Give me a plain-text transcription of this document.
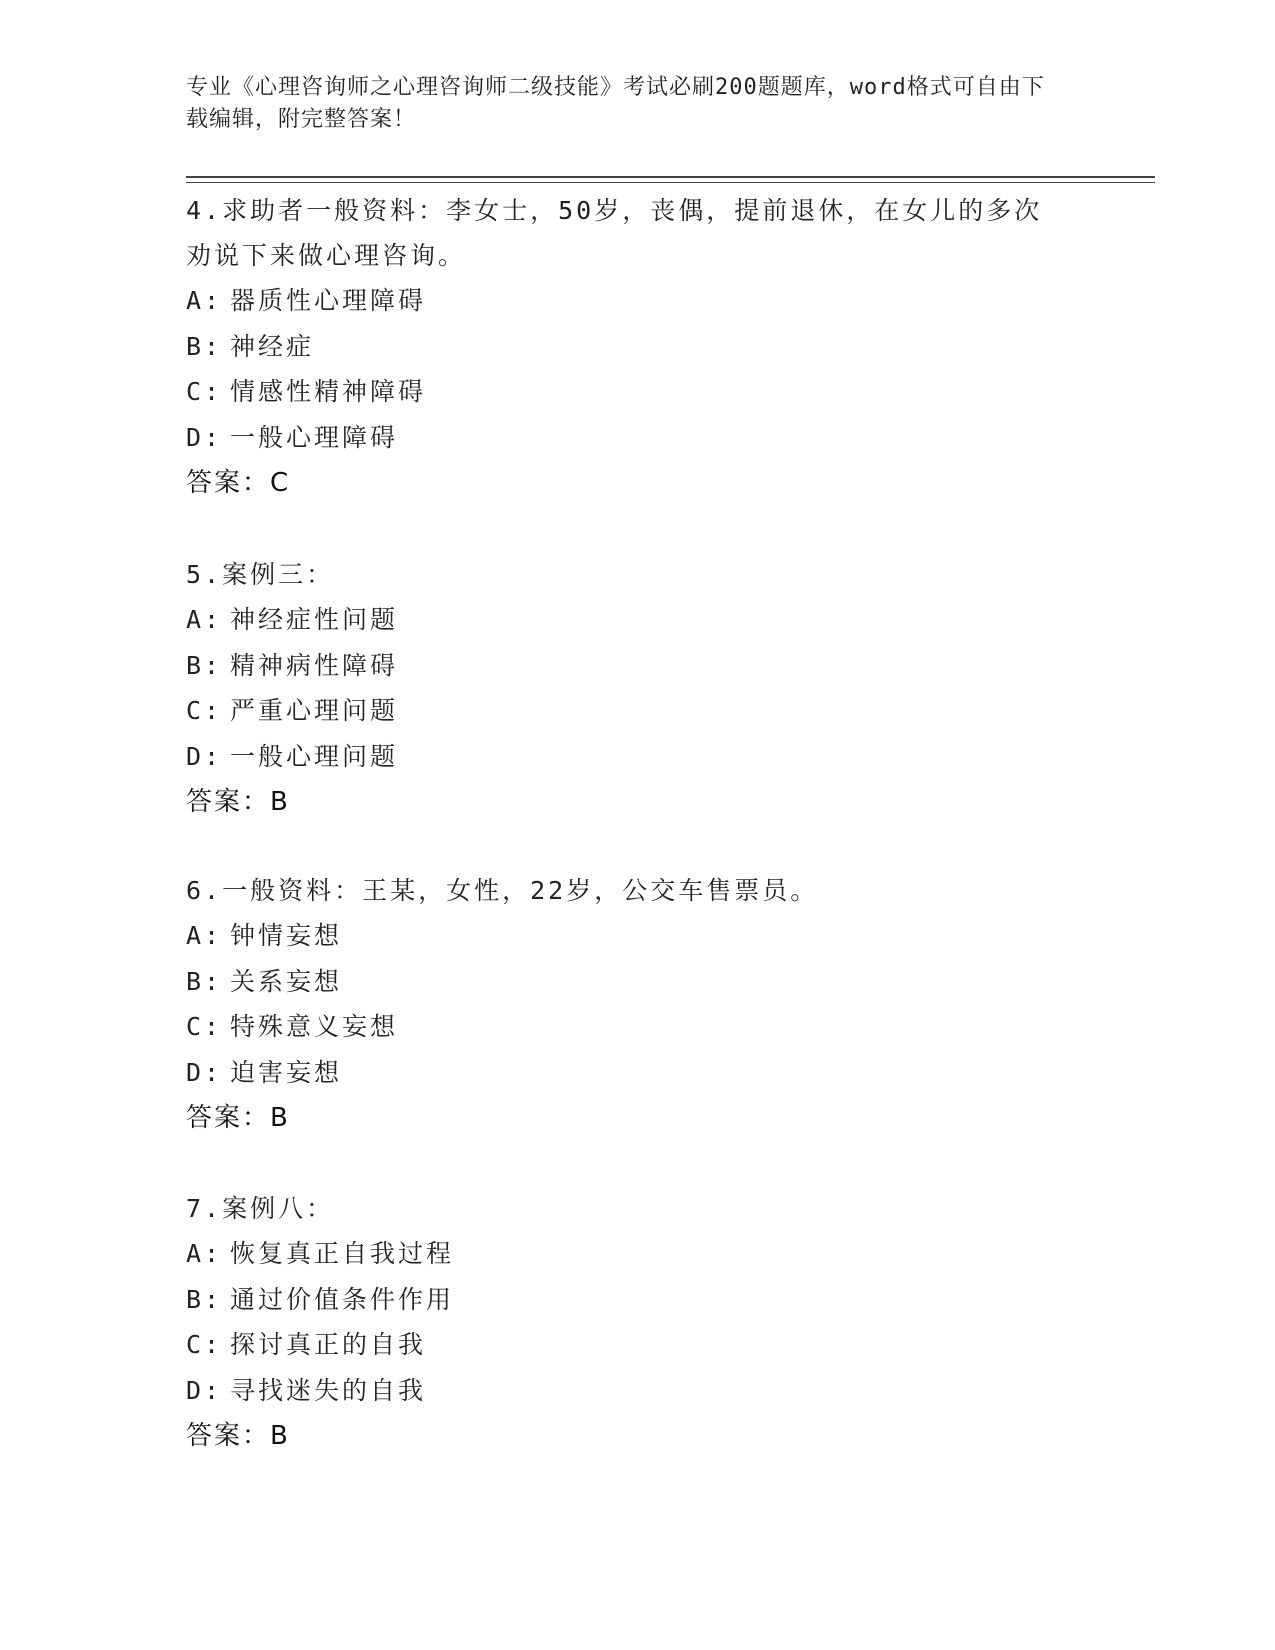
专业《心理咨询师之心理咨询师二级技能》考试必刷200题题库，word格式可自由下载编辑，附完整答案！
4.求助者一般资料：李女士，50岁，丧偶，提前退休，在女儿的多次劝说下来做心理咨询。
A: 器质性心理障碍
B: 神经症
C: 情感性精神障碍
D: 一般心理障碍
答案：C
5.案例三：
A: 神经症性问题
B: 精神病性障碍
C: 严重心理问题
D: 一般心理问题
答案：B
6.一般资料：王某，女性，22岁，公交车售票员。
A: 钟情妄想
B: 关系妄想
C: 特殊意义妄想
D: 迫害妄想
答案：B
7.案例八：
A: 恢复真正自我过程
B: 通过价值条件作用
C: 探讨真正的自我
D: 寻找迷失的自我
答案：B
